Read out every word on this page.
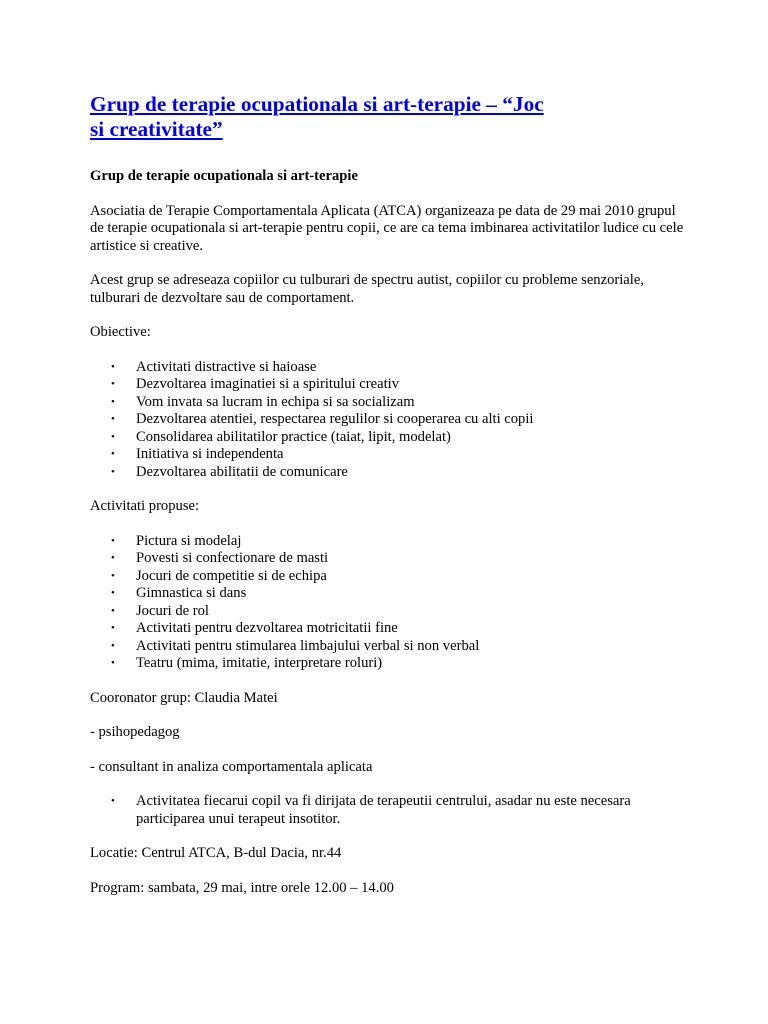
Grup de terapie ocupationala si art-terapie – “Joc
si creativitate”

Grup de terapie ocupationala si art-terapie

Asociatia de Terapie Comportamentala Aplicata (ATCA) organizeaza pe data de 29 mai 2010 grupul de terapie ocupationala si art-terapie pentru copii, ce are ca tema imbinarea activitatilor ludice cu cele artistice si creative.

Acest grup se adreseaza copiilor cu tulburari de spectru autist, copiilor cu probleme senzoriale, tulburari de dezvoltare sau de comportament.

Obiective:

• Activitati distractive si haioase
• Dezvoltarea imaginatiei si a spiritului creativ
• Vom invata sa lucram in echipa si sa socializam
• Dezvoltarea atentiei, respectarea regulilor si cooperarea cu alti copii
• Consolidarea abilitatilor practice (taiat, lipit, modelat)
• Initiativa si independenta
• Dezvoltarea abilitatii de comunicare

Activitati propuse:

• Pictura si modelaj
• Povesti si confectionare de masti
• Jocuri de competitie si de echipa
• Gimnastica si dans
• Jocuri de rol
• Activitati pentru dezvoltarea motricitatii fine
• Activitati pentru stimularea limbajului verbal si non verbal
• Teatru (mima, imitatie, interpretare roluri)

Cooronator grup: Claudia Matei

- psihopedagog

- consultant in analiza comportamentala aplicata

• Activitatea fiecarui copil va fi dirijata de terapeutii centrului, asadar nu este necesara participarea unui terapeut insotitor.

Locatie: Centrul ATCA, B-dul Dacia, nr.44

Program: sambata, 29 mai, intre orele 12.00 – 14.00
